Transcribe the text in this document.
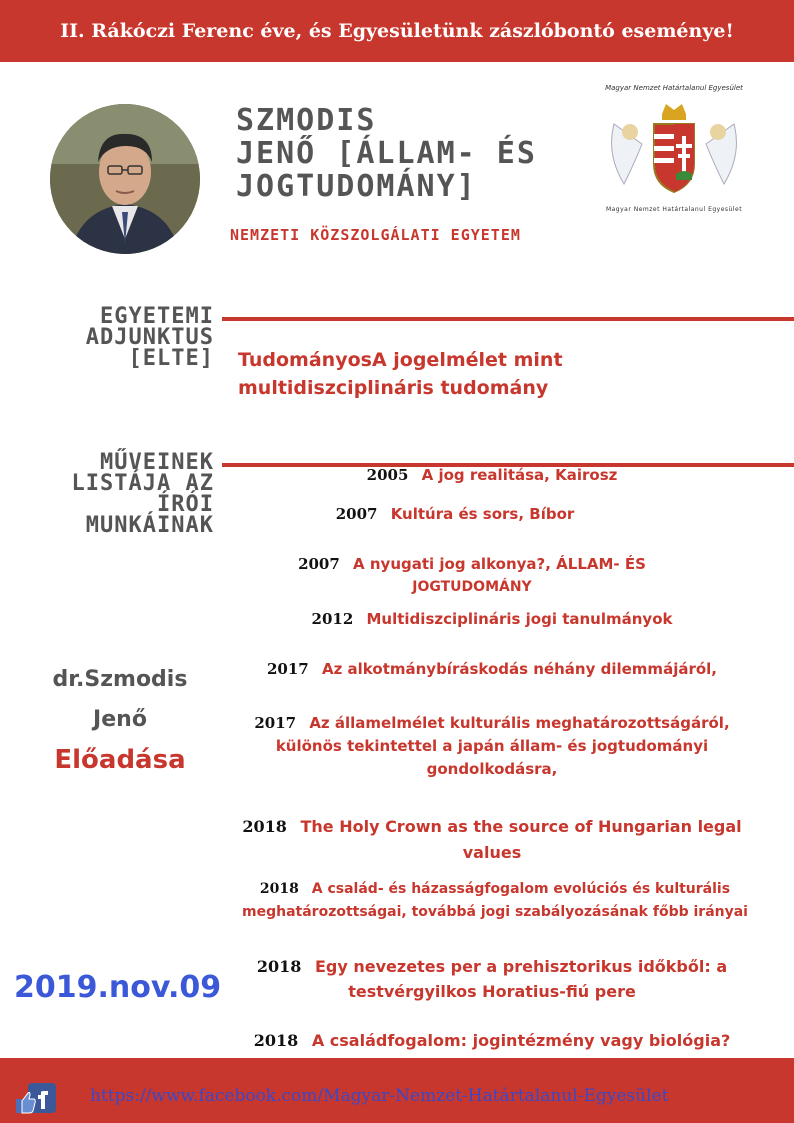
II. Rákóczi Ferenc éve, és Egyesületünk zászlóbontó eseménye!
SZMODIS
JENŐ [ÁLLAM- ÉS
JOGTUDOMÁNY]
NEMZETI KÖZSZOLGÁLATI EGYETEM
Magyar Nemzet Határtalanul Egyesület
Magyar Nemzet Határtalanul Egyesület
EGYETEMI
ADJUNKTUS
[ELTE] TudományosA jogelmélet mint
multidiszciplináris tudomány
MŰVEINEK
LISTÁJA AZ
ÍRÓI
MUNKÁINAK
2005 A jog realitása, Kairosz
2007 Kultúra és sors, Bíbor
2007 A nyugati jog alkonya?, ÁLLAM- ÉS
JOGTUDOMÁNY
2012 Multidiszciplináris jogi tanulmányok
2017 Az alkotmánybíráskodás néhány dilemmájáról,
2017 Az államelmélet kulturális meghatározottságáról,
különös tekintettel a japán állam- és jogtudományi
gondolkodásra,
2018 The Holy Crown as the source of Hungarian legal
values
2018 A család- és házasságfogalom evolúciós és kulturális
meghatározottságai, továbbá jogi szabályozásának főbb irányai
2018 Egy nevezetes per a prehisztorikus időkből: a
testvérgyilkos Horatius-fiú pere
2018 A családfogalom: jogintézmény vagy biológia?
dr.Szmodis
Jenő
Előadása
2019.nov.09
https://www.facebook.com/Magyar-Nemzet-Határtalanul-Egyesület
